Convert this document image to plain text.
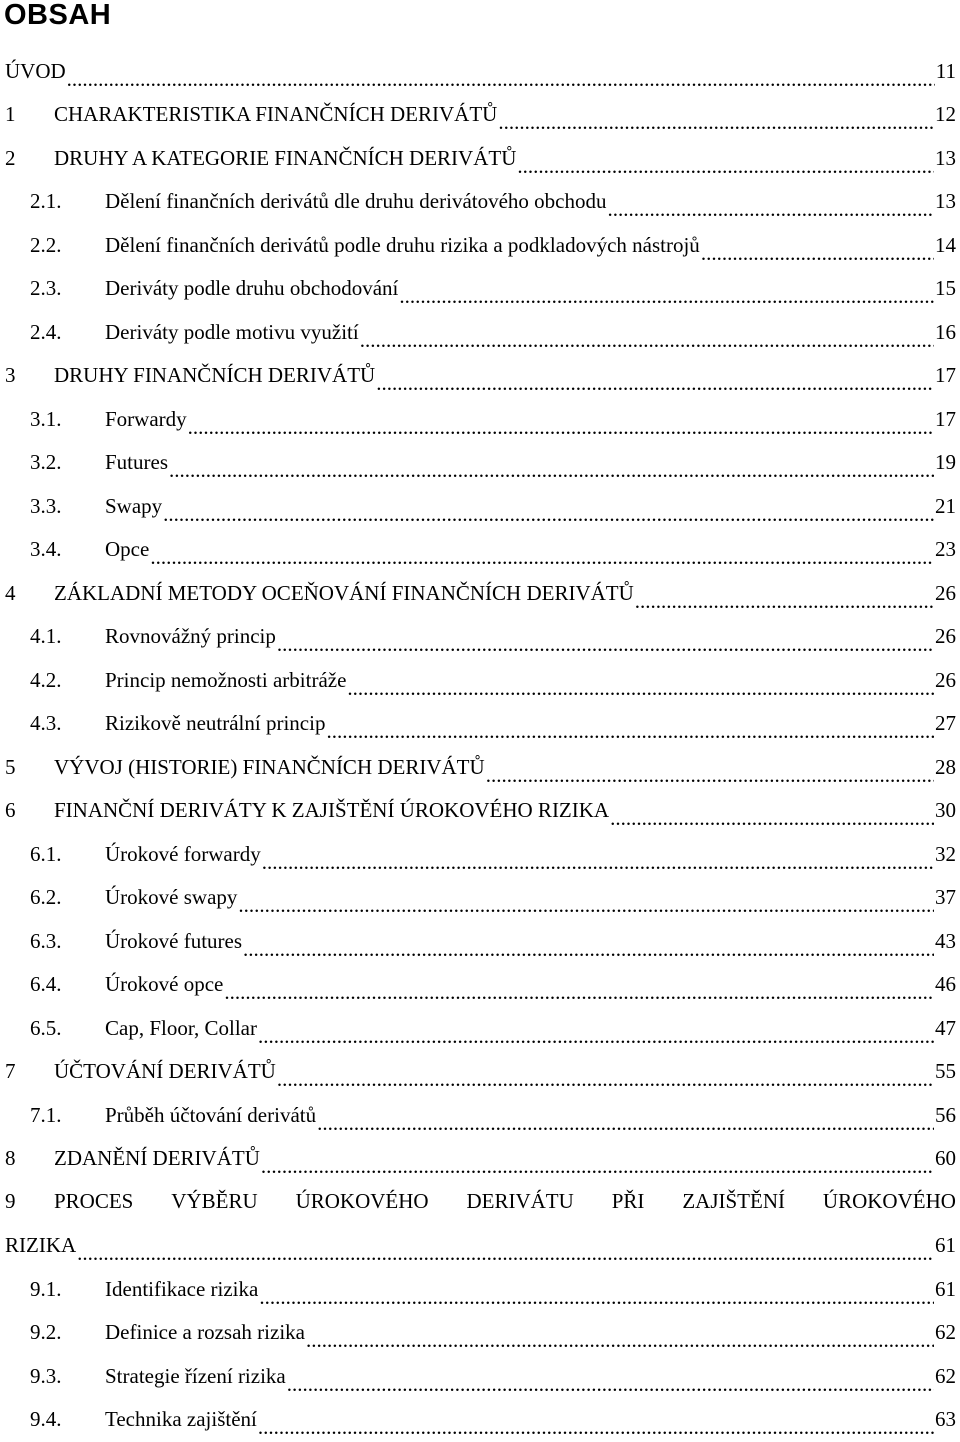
OBSAH
ÚVOD .....	11
1	CHARAKTERISTIKA FINANČNÍCH DERIVÁTŮ .....	12
2	DRUHY A KATEGORIE FINANČNÍCH DERIVÁTŮ .....	13
2.1.	Dělení finančních derivátů dle druhu derivátového obchodu .....	13
2.2.	Dělení finančních derivátů podle druhu rizika a podkladových nástrojů .....	14
2.3.	Deriváty podle druhu obchodování .....	15
2.4.	Deriváty podle motivu využití .....	16
3	DRUHY FINANČNÍCH DERIVÁTŮ .....	17
3.1.	Forwardy .....	17
3.2.	Futures .....	19
3.3.	Swapy .....	21
3.4.	Opce .....	23
4	ZÁKLADNÍ METODY OCEŇOVÁNÍ FINANČNÍCH DERIVÁTŮ .....	26
4.1.	Rovnovážný princip .....	26
4.2.	Princip nemožnosti arbitráže .....	26
4.3.	Rizikově neutrální princip .....	27
5	VÝVOJ (HISTORIE) FINANČNÍCH DERIVÁTŮ .....	28
6	FINANČNÍ DERIVÁTY K ZAJIŠTĚNÍ ÚROKOVÉHO RIZIKA .....	30
6.1.	Úrokové forwardy .....	32
6.2.	Úrokové swapy .....	37
6.3.	Úrokové futures .....	43
6.4.	Úrokové opce .....	46
6.5.	Cap, Floor, Collar .....	47
7	ÚČTOVÁNÍ DERIVÁTŮ .....	55
7.1.	Průběh účtování derivátů .....	56
8	ZDANĚNÍ DERIVÁTŮ .....	60
9	PROCES VÝBĚRU ÚROKOVÉHO DERIVÁTU PŘI ZAJIŠTĚNÍ ÚROKOVÉHO
RIZIKA .....	61
9.1.	Identifikace rizika .....	61
9.2.	Definice a rozsah rizika .....	62
9.3.	Strategie řízení rizika .....	62
9.4.	Technika zajištění .....	63
